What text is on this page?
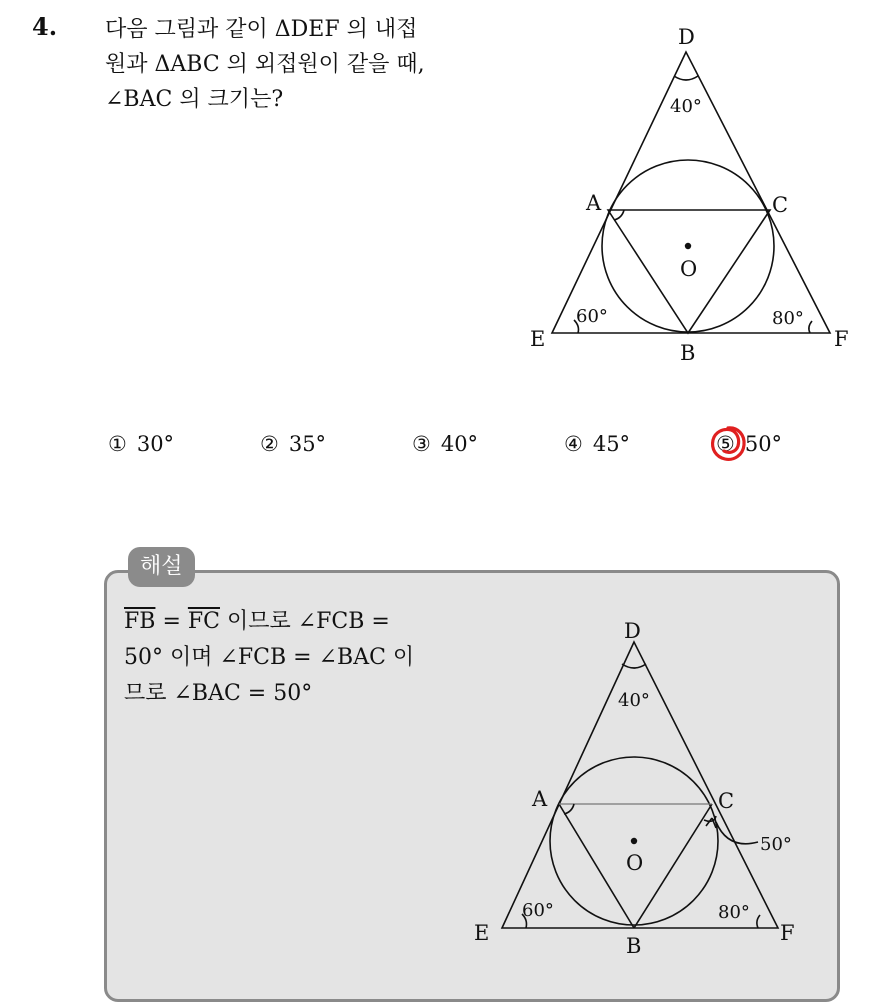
4. 다음 그림과 같이 ΔDEF 의 내접
원과 ΔABC 의 외접원이 같을 때,
∠BAC 의 크기는?
D
A	C
O
E
B
F
40°
60°	80°
① 30°	② 35°	③ 40°	④ 45°	⑤ 50°
해설
$\overline{FB} = \overline{FC}$ 이므로 ∠FCB =
50° 이며 ∠FCB = ∠BAC 이
므로 ∠BAC = 50°
D
A	C
O
E
B
F
40°
60°	80°
50°
